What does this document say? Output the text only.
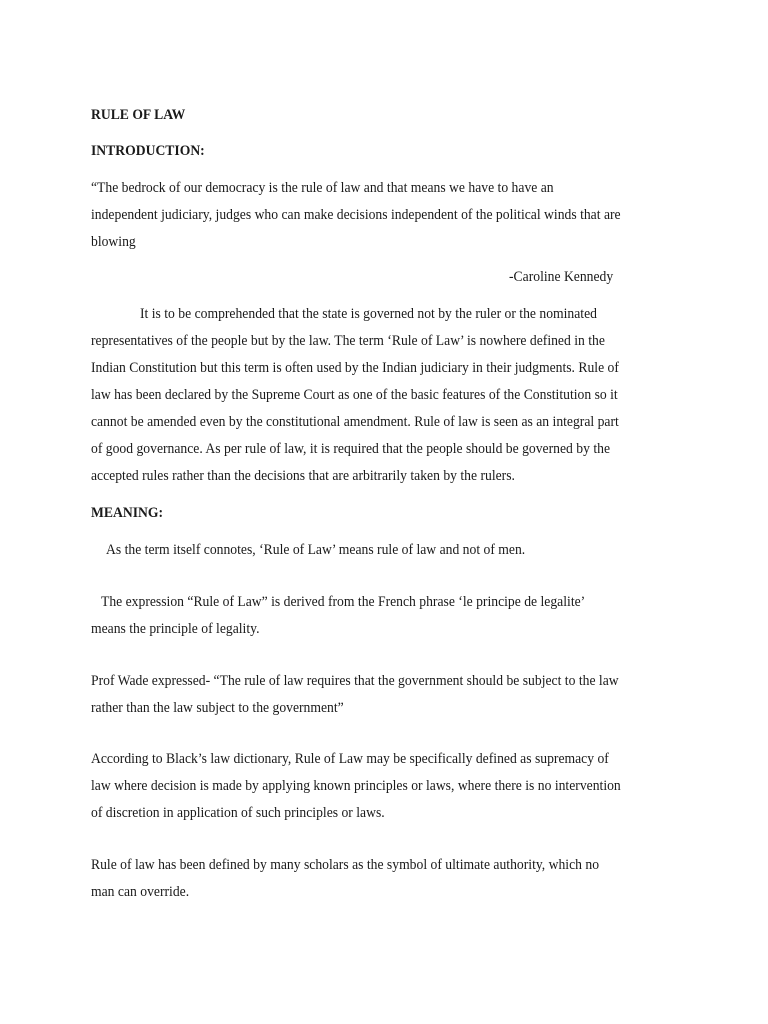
RULE OF LAW
INTRODUCTION:
“The bedrock of our democracy is the rule of law and that means we have to have an
independent judiciary, judges who can make decisions independent of the political winds that are
blowing
-Caroline Kennedy
It is to be comprehended that the state is governed not by the ruler or the nominated
representatives of the people but by the law. The term ‘Rule of Law’ is nowhere defined in the
Indian Constitution but this term is often used by the Indian judiciary in their judgments. Rule of
law has been declared by the Supreme Court as one of the basic features of the Constitution so it
cannot be amended even by the constitutional amendment. Rule of law is seen as an integral part
of good governance. As per rule of law, it is required that the people should be governed by the
accepted rules rather than the decisions that are arbitrarily taken by the rulers.
MEANING:
As the term itself connotes, ‘Rule of Law’ means rule of law and not of men.
The expression “Rule of Law” is derived from the French phrase ‘le principe de legalite’
means the principle of legality.
Prof Wade expressed- “The rule of law requires that the government should be subject to the law
rather than the law subject to the government”
According to Black’s law dictionary, Rule of Law may be specifically defined as supremacy of
law where decision is made by applying known principles or laws, where there is no intervention
of discretion in application of such principles or laws.
Rule of law has been defined by many scholars as the symbol of ultimate authority, which no
man can override.
